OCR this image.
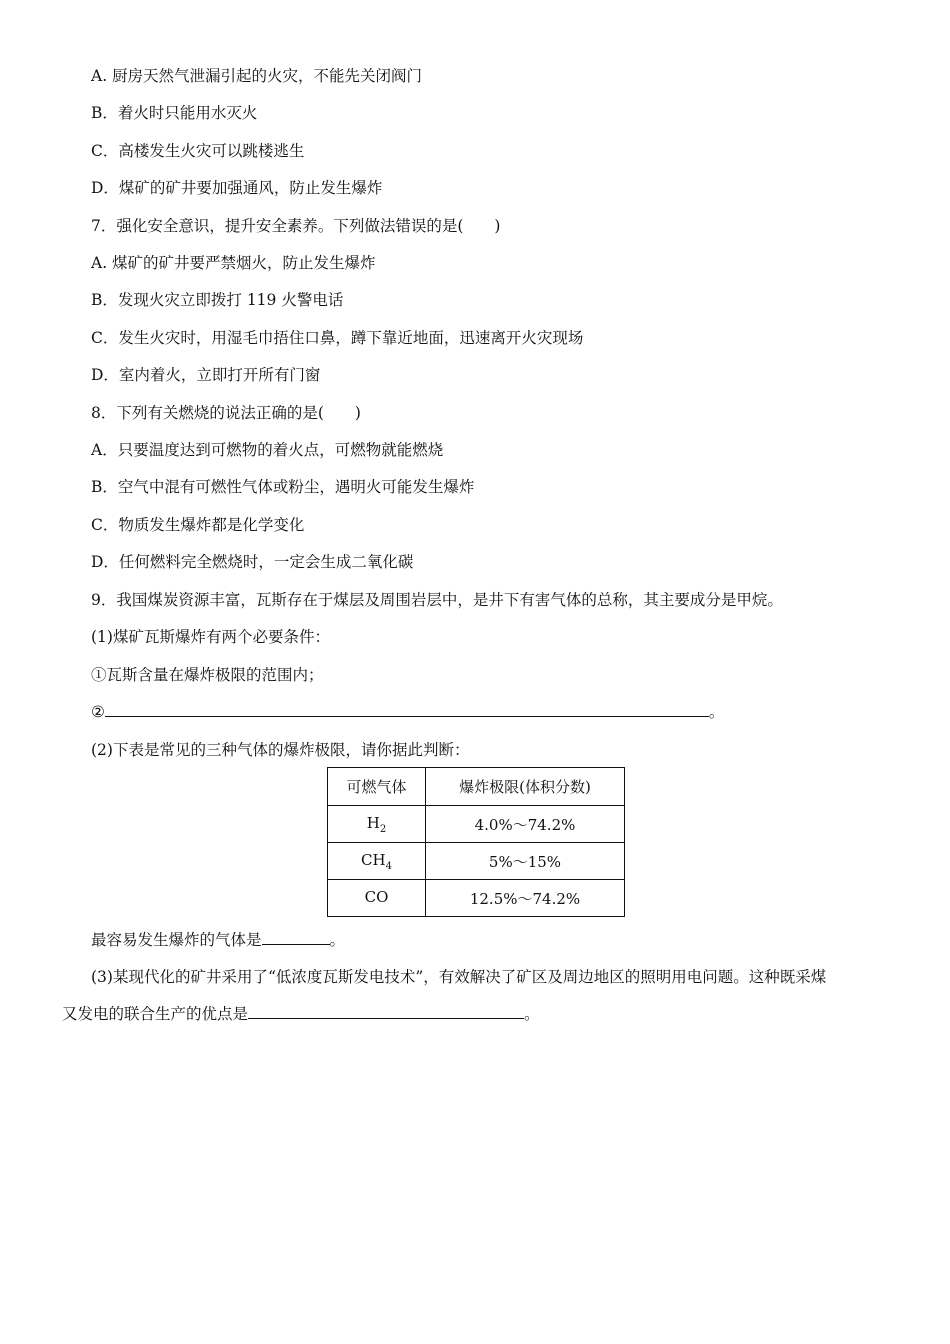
A. 厨房天然气泄漏引起的火灾，不能先关闭阀门
B．着火时只能用水灭火
C．高楼发生火灾可以跳楼逃生
D．煤矿的矿井要加强通风，防止发生爆炸
7．强化安全意识，提升安全素养。下列做法错误的是(　　)
A. 煤矿的矿井要严禁烟火，防止发生爆炸
B．发现火灾立即拨打 119 火警电话
C．发生火灾时，用湿毛巾捂住口鼻，蹲下靠近地面，迅速离开火灾现场
D．室内着火，立即打开所有门窗
8．下列有关燃烧的说法正确的是(　　)
A．只要温度达到可燃物的着火点，可燃物就能燃烧
B．空气中混有可燃性气体或粉尘，遇明火可能发生爆炸
C．物质发生爆炸都是化学变化
D．任何燃料完全燃烧时，一定会生成二氧化碳
9．我国煤炭资源丰富，瓦斯存在于煤层及周围岩层中，是井下有害气体的总称，其主要成分是甲烷。
(1)煤矿瓦斯爆炸有两个必要条件：
①瓦斯含量在爆炸极限的范围内；
②	。
(2)下表是常见的三种气体的爆炸极限，请你据此判断：
可燃气体	爆炸极限(体积分数)
$H_2$	4.0%～74.2%
$CH_4$	5%～15%
CO	12.5%～74.2%
最容易发生爆炸的气体是	。
(3)某现代化的矿井采用了“低浓度瓦斯发电技术”，有效解决了矿区及周边地区的照明用电问题。这种既采煤
又发电的联合生产的优点是	。
